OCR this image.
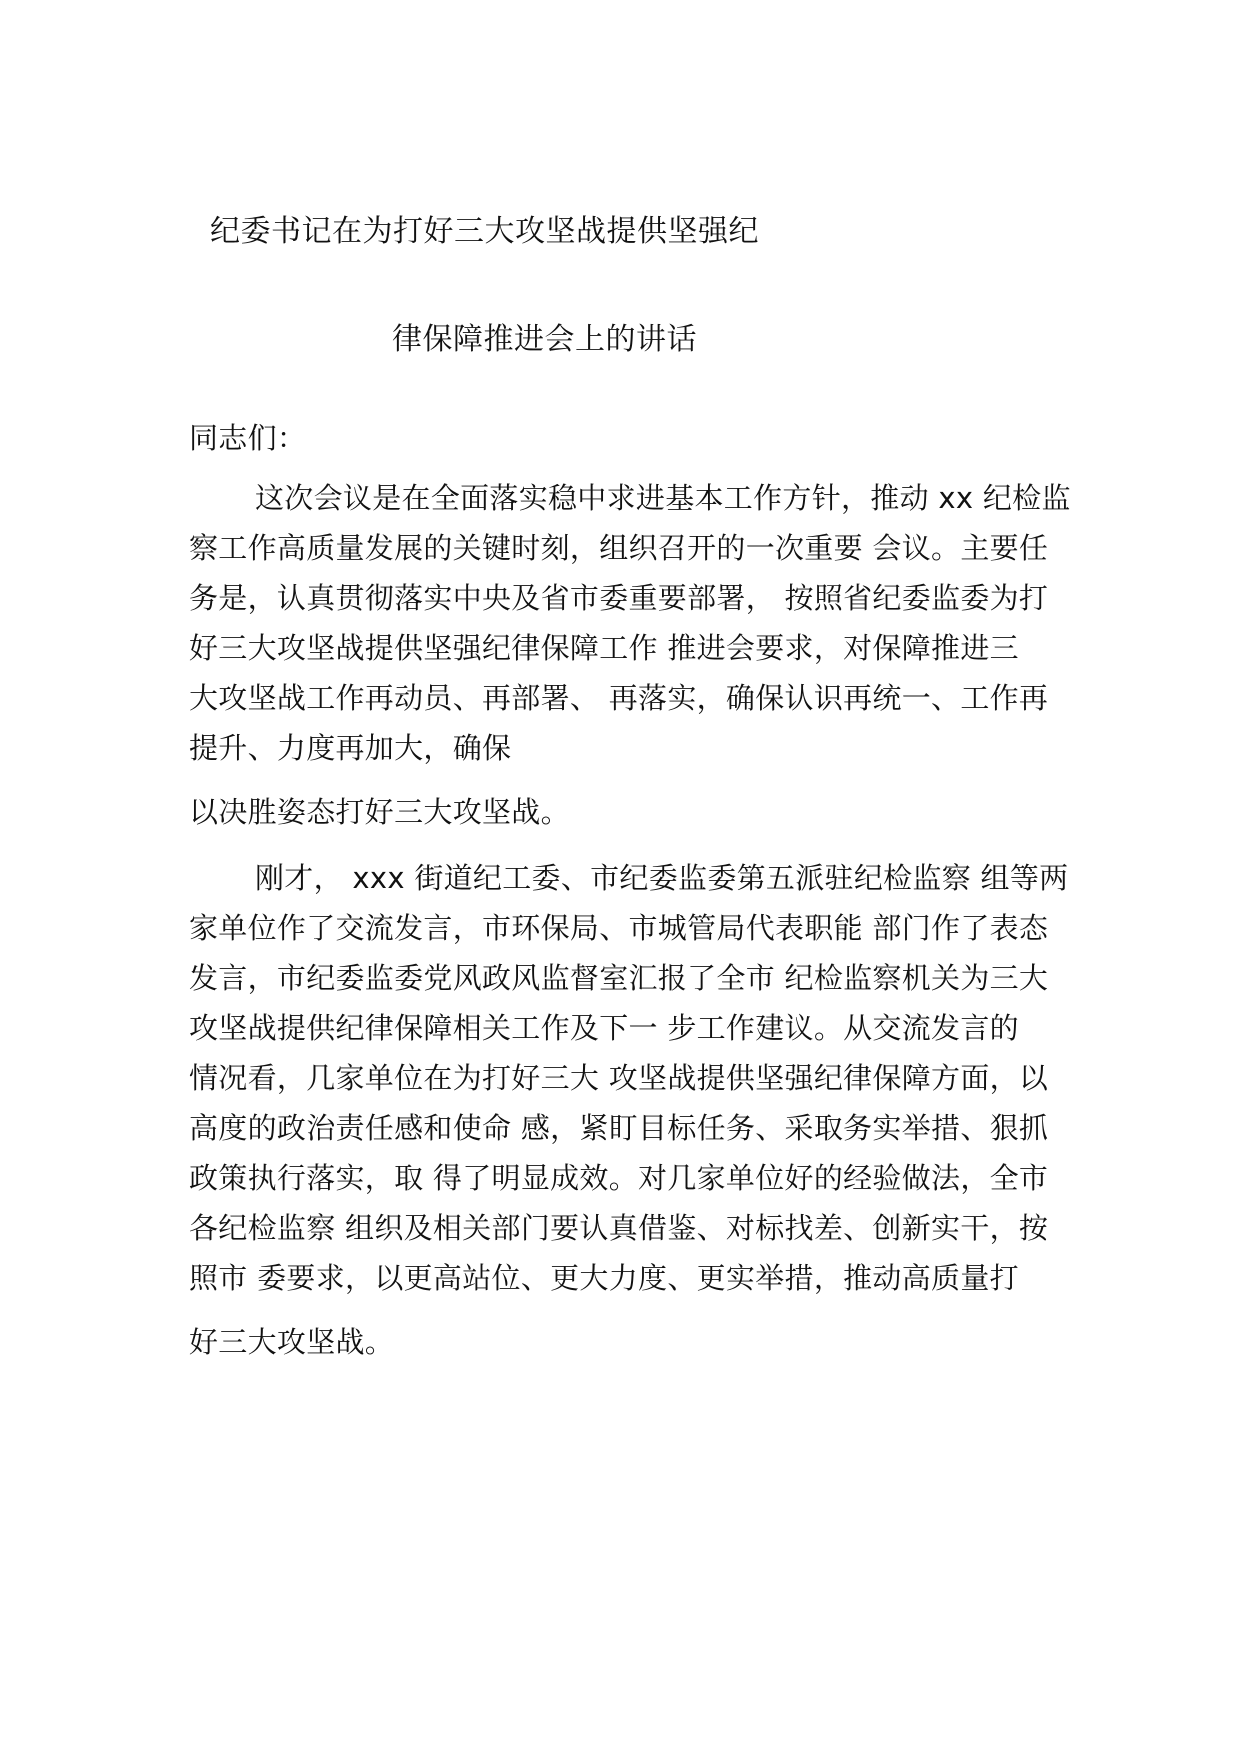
纪委书记在为打好三大攻坚战提供坚强纪
律保障推进会上的讲话
同志们：
这次会议是在全面落实稳中求进基本工作方针，推动 xx 纪检监
察工作高质量发展的关键时刻，组织召开的一次重要 会议。主要任
务是，认真贯彻落实中央及省市委重要部署， 按照省纪委监委为打
好三大攻坚战提供坚强纪律保障工作 推进会要求，对保障推进三
大攻坚战工作再动员、再部署、 再落实，确保认识再统一、工作再
提升、力度再加大，确保
以决胜姿态打好三大攻坚战。
刚才， xxx 街道纪工委、市纪委监委第五派驻纪检监察 组等两
家单位作了交流发言，市环保局、市城管局代表职能 部门作了表态
发言，市纪委监委党风政风监督室汇报了全市 纪检监察机关为三大
攻坚战提供纪律保障相关工作及下一 步工作建议。从交流发言的
情况看，几家单位在为打好三大 攻坚战提供坚强纪律保障方面，以
高度的政治责任感和使命 感，紧盯目标任务、采取务实举措、狠抓
政策执行落实，取 得了明显成效。对几家单位好的经验做法，全市
各纪检监察 组织及相关部门要认真借鉴、对标找差、创新实干，按
照市 委要求，以更高站位、更大力度、更实举措，推动高质量打
好三大攻坚战。
